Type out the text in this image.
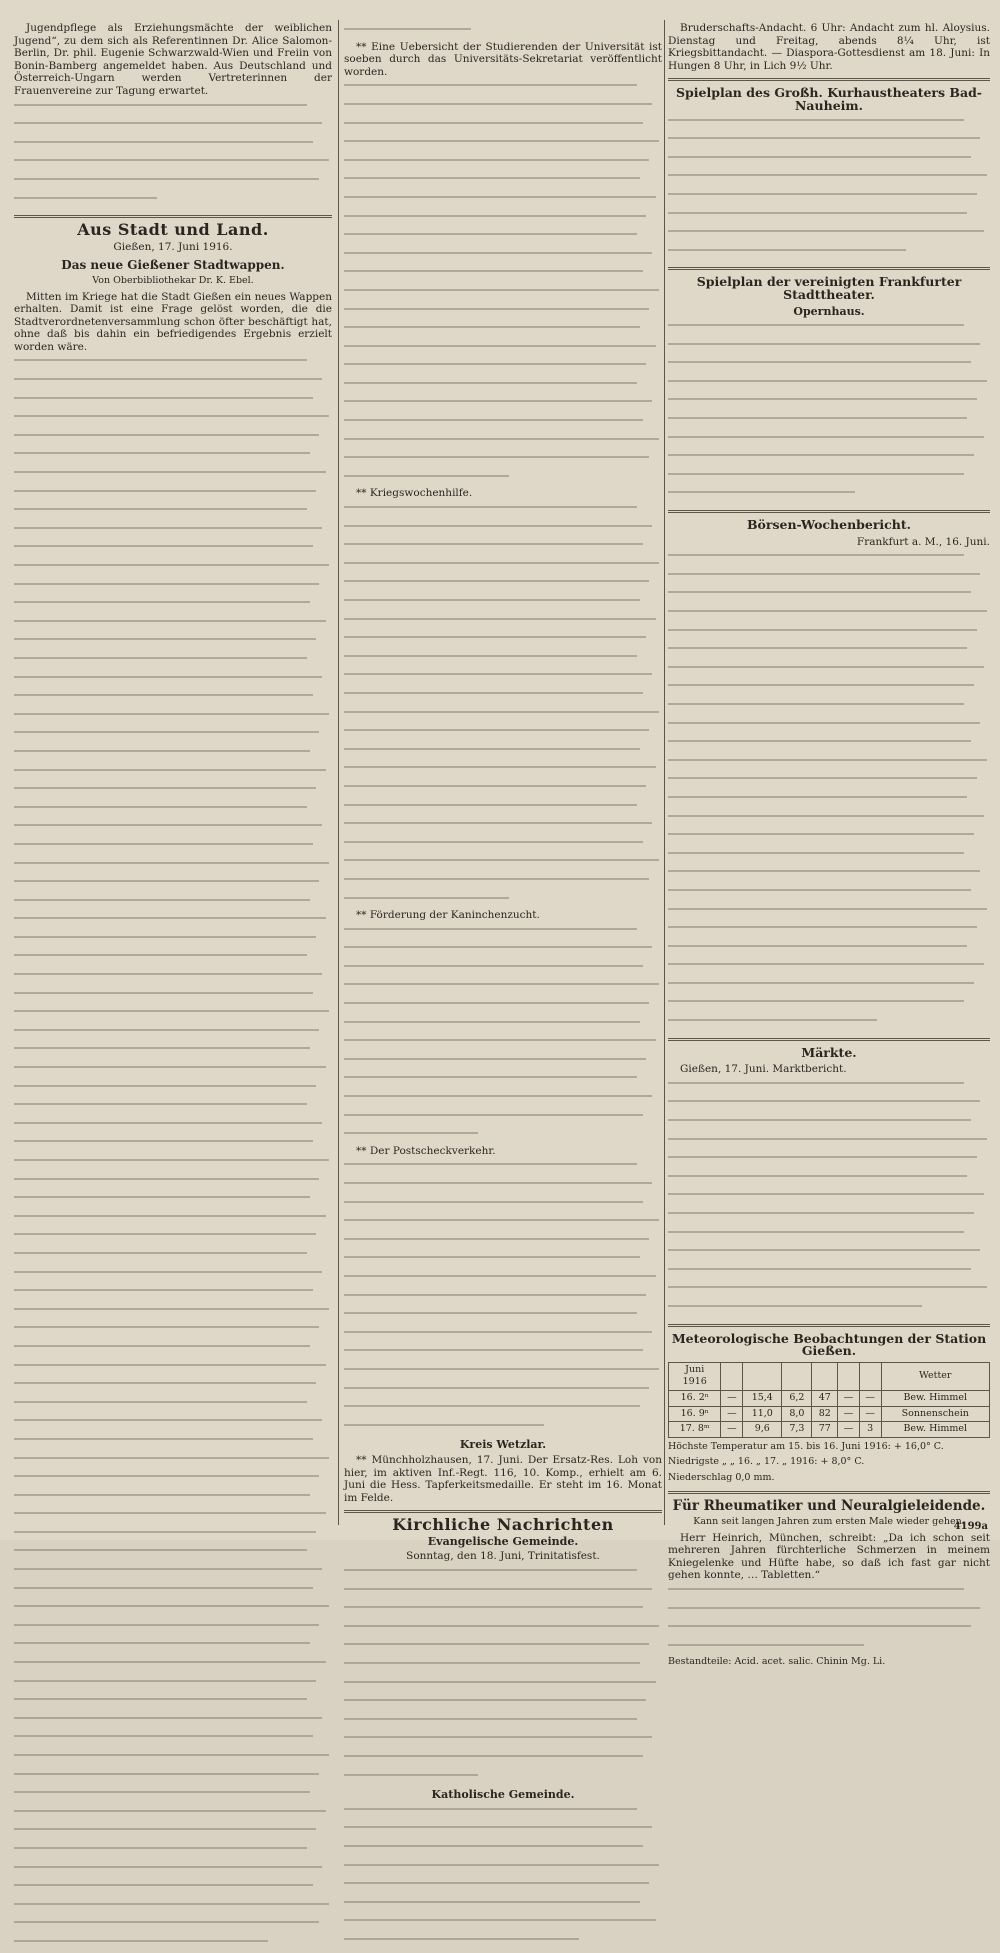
Jugendpflege als Erziehungsmächte der weiblichen Jugend“, zu dem sich als Referentinnen Dr. Alice Salomon-Berlin, Dr. phil. Eugenie Schwarzwald-Wien und Freiin von Bonin-Bamberg angemeldet haben. Aus Deutschland und Österreich-Ungarn werden Vertreterinnen der Frauenvereine zur Tagung erwartet.

Aus Stadt und Land.

Gießen, 17. Juni 1916.

Das neue Gießener Stadtwappen.

Von Oberbibliothekar Dr. K. Ebel.

Mitten im Kriege hat die Stadt Gießen ein neues Wappen erhalten. Damit ist eine Frage gelöst worden, die die Stadtverordnetenversammlung schon öfter beschäftigt hat, ohne daß bis dahin ein befriedigendes Ergebnis erzielt worden wäre.

** Eine Uebersicht der Studierenden der Universität ist soeben durch das Universitäts-Sekretariat veröffentlicht worden.

** Kriegswochenhilfe.

** Förderung der Kaninchenzucht.

** Der Postscheckverkehr.

Kreis Wetzlar.

** Münchholzhausen, 17. Juni. Der Ersatz-Res. Loh von hier, im aktiven Inf.-Regt. 116, 10. Komp., erhielt am 6. Juni die Hess. Tapferkeitsmedaille. Er steht im 16. Monat im Felde.

Kirchliche Nachrichten
Evangelische Gemeinde.

Sonntag, den 18. Juni, Trinitatisfest.

Katholische Gemeinde.

Bruderschafts-Andacht. 6 Uhr: Andacht zum hl. Aloysius. Dienstag und Freitag, abends 8¼ Uhr, ist Kriegsbittandacht. — Diaspora-Gottesdienst am 18. Juni: In Hungen 8 Uhr, in Lich 9½ Uhr.

Spielplan des Großh. Kurhaustheaters Bad-Nauheim.
Spielplan der vereinigten Frankfurter Stadttheater.
Opernhaus.
Börsen-Wochenbericht.

Frankfurt a. M., 16. Juni.

Märkte.

Gießen, 17. Juni. Marktbericht.

Meteorologische Beobachtungen der Station Gießen.
Juni
1916							Wetter
16. 2ⁿ	—	15,4	6,2	47	—	—	Bew. Himmel
16. 9ⁿ	—	11,0	8,0	82	—	—	Sonnenschein
17. 8ᵐ	—	9,6	7,3	77	—	3	Bew. Himmel

Höchste Temperatur am 15. bis 16. Juni 1916: + 16,0° C.

Niedrigste „ „ 16. „ 17. „ 1916: + 8,0° C.

Niederschlag 0,0 mm.

Für Rheumatiker und Neuralgieleidende.

Kann seit langen Jahren zum ersten Male wieder gehen.

Herr Heinrich, München, schreibt: „Da ich schon seit mehreren Jahren fürchterliche Schmerzen in meinem Kniegelenke und Hüfte habe, so daß ich fast gar nicht gehen konnte, … Tabletten.“

Bestandteile: Acid. acet. salic. Chinin Mg. Li.

4199a
